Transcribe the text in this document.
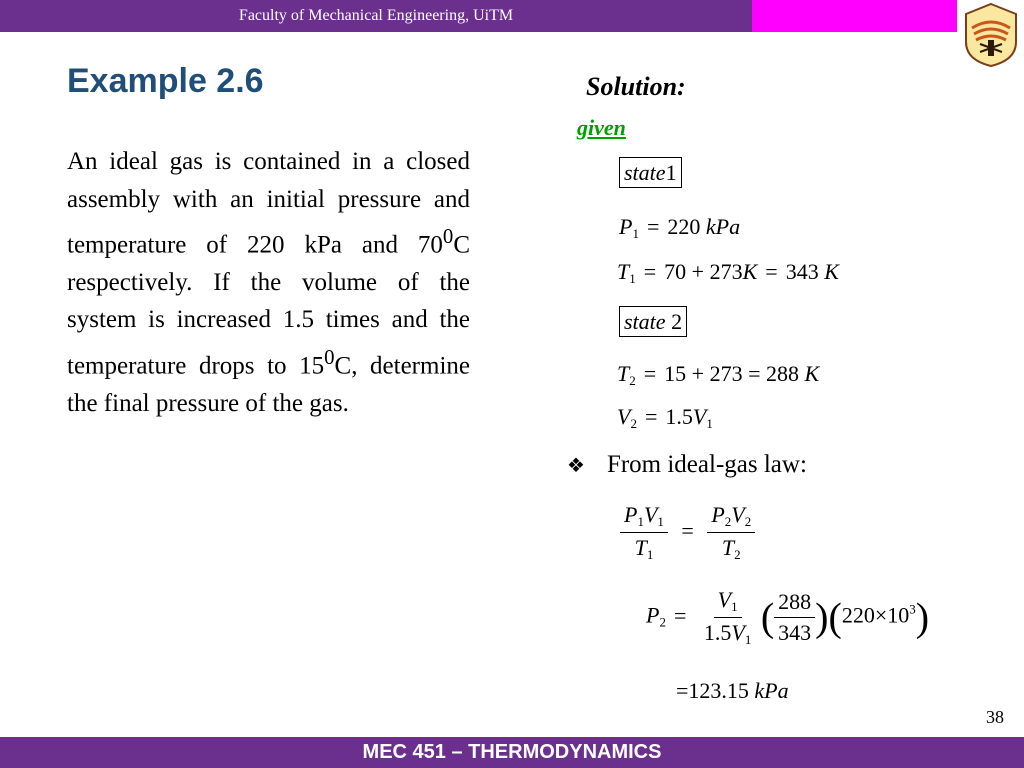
Faculty of Mechanical Engineering, UiTM
Example 2.6

An ideal gas is contained in a closed assembly with an initial pressure and temperature of 220 kPa and $70^0C$ respectively. If the volume of the system is increased 1.5 times and the temperature drops to $15^0C$, determine the final pressure of the gas.

Solution:
given
state1
$P_1 = 220$ kPa
$T_1 = 70 + 273K = 343$ K
state 2
$T_2 = 15 + 273 = 288$ K
$V_2 = 1.5V_1$
❖ From ideal-gas law:
$\frac{P_1V_1}{T_1} = \frac{P_2V_2}{T_2}$
$P_2 = \frac{V_1}{1.5V_1}$ ( $\frac{288}{343} )(220\times 10^3)$
=123.15 kPa
38
MEC 451 – THERMODYNAMICS
